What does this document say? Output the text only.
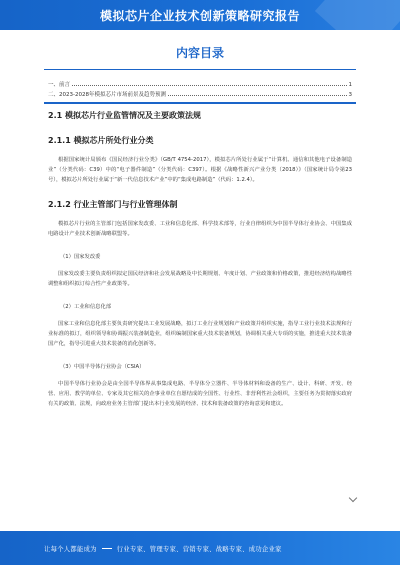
模拟芯片企业技术创新策略研究报告
内容目录
一、前言	1
二、2023-2028年模拟芯片市场前景及趋势预测	3
2.1 模拟芯片行业监管情况及主要政策法规
2.1.1 模拟芯片所处行业分类
根据国家统计局颁布《国民经济行业分类》（GB/T 4754-2017），模拟芯片所处行业属于“计算机、通信和其他电子设备制造业”（分类代码：C39）中的“电子器件制造”（分类代码：C397）。根据《战略性新兴产业分类（2018）》（国家统计局令第23号），模拟芯片所处行业属于“新一代信息技术产业”中的“集成电路制造”（代码：1.2.4）。
2.1.2 行业主管部门与行业管理体制
模拟芯片行业的主管部门包括国家发改委、工业和信息化部、科学技术部等，行业自律组织为中国半导体行业协会、中国集成电路设计产业技术创新战略联盟等。
（1）国家发改委
国家发改委主要负责组织拟定国民经济和社会发展战略及中长期规划、年度计划、产业政策和价格政策，推进经济结构战略性调整和组织拟订综合性产业政策等。
（2）工业和信息化部
国家工业和信息化部主要负责研究提出工业发展战略，拟订工业行业规划和产业政策并组织实施，指导工业行业技术法规和行业标准的拟订，组织领导和协调振兴装备制造业，组织编制国家重大技术装备规划，协调相关重大专项的实施，推进重大技术装备国产化，指导引进重大技术装备的消化创新等。
（3）中国半导体行业协会（CSIA）
中国半导体行业协会是由全国半导体界从事集成电路、半导体分立器件、半导体材料和设备的生产、设计、科研、开发、经营、应用、教学的单位、专家及其它相关的企事业单位自愿结成的全国性、行业性、非营利性社会组织，主要任务为贯彻落实政府有关的政策、法规，向政府业务主管部门提出本行业发展的经济、技术和装备政策的咨询意见和建议。
让每个人都能成为	行业专家 、 管理专家 、 营销专家 、 战略专家 、 成功企业家
